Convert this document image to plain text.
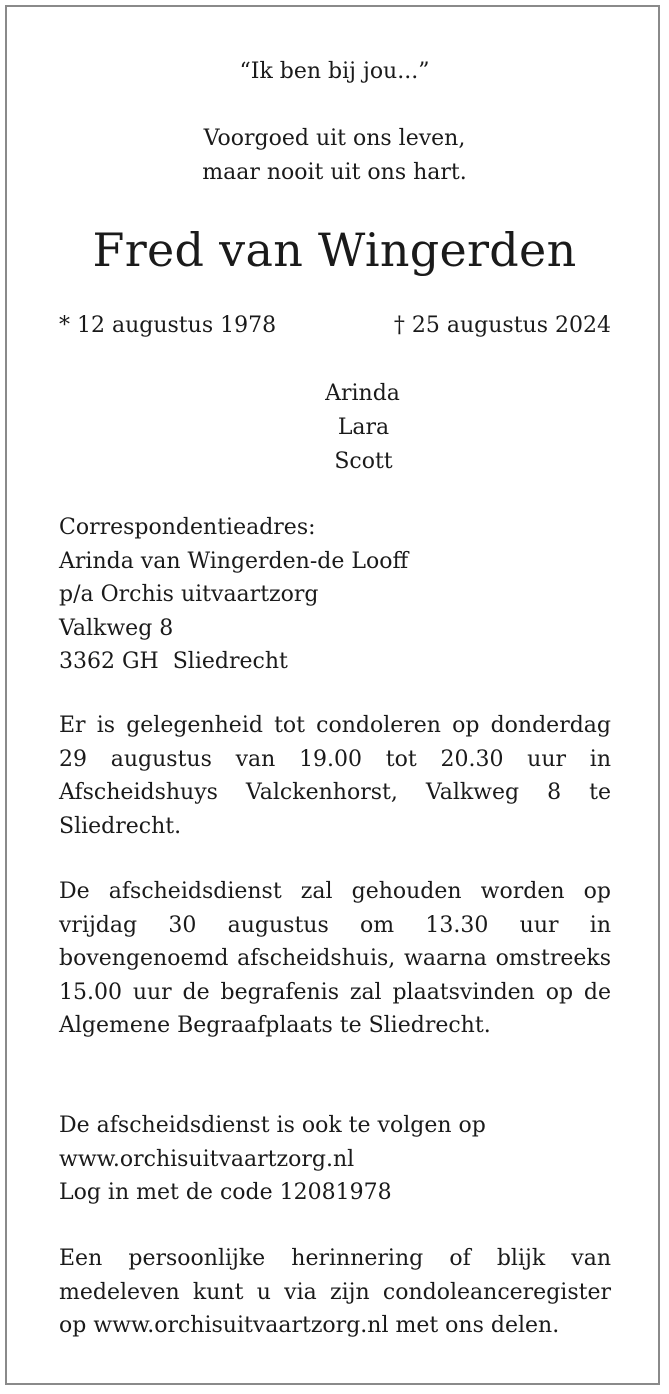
“Ik ben bij jou...”
Voorgoed uit ons leven,
maar nooit uit ons hart.
Fred van Wingerden
* 12 augustus 1978	† 25 augustus 2024
Arinda
Lara
Scott
Correspondentieadres:
Arinda van Wingerden-de Looff
p/a Orchis uitvaartzorg
Valkweg 8
3362 GH  Sliedrecht
Er is gelegenheid tot condoleren op donderdag 29 augustus van 19.00 tot 20.30 uur in Afscheidshuys Valckenhorst, Valkweg 8 te Sliedrecht.
De afscheidsdienst zal gehouden worden op vrijdag 30 augustus om 13.30 uur in bovengenoemd afscheidshuis, waarna omstreeks 15.00 uur de begrafenis zal plaatsvinden op de Algemene Begraafplaats te Sliedrecht.
De afscheidsdienst is ook te volgen op
www.orchisuitvaartzorg.nl
Log in met de code 12081978
Een persoonlijke herinnering of blijk van medeleven kunt u via zijn condoleanceregister op www.orchisuitvaartzorg.nl met ons delen.
